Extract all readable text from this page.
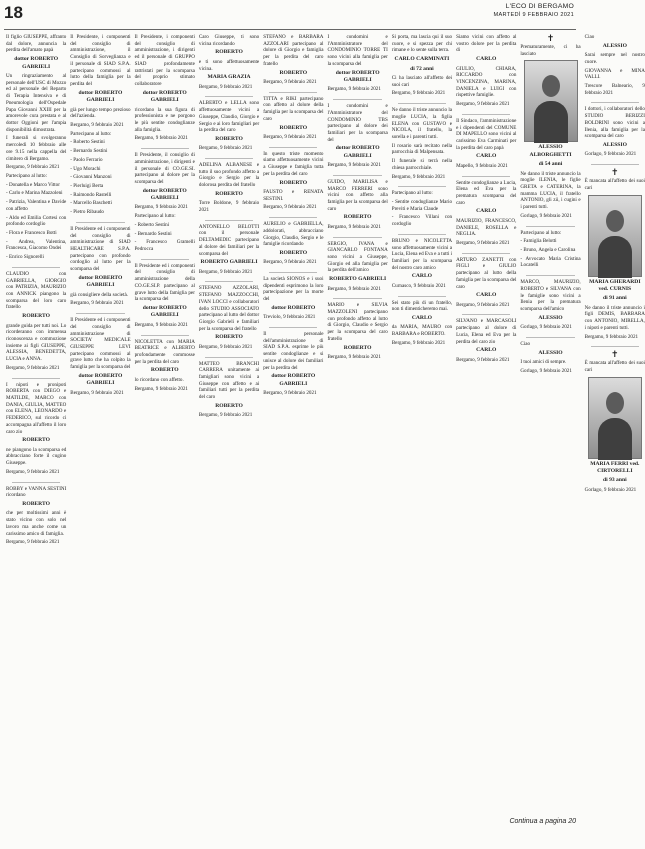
18	L'ECO DI BERGAMO
MARTEDÌ 9 FEBBRAIO 2021

Il figlio GIUSEPPE, affranto dal dolore, annuncia la perdita dell'amato papà

dottor ROBERTO GABRIELI

Un ringraziamento al personale dell'USC di Mozzo ed al personale del Reparto di Terapia Intensiva e di Pneumologia dell'Ospedale Papa Giovanni XXIII per la amorevole cura prestata e al dottor Oggioni per l'ampia disponibilità dimostrata.

I funerali si svolgeranno mercoledì 10 febbraio alle ore 9.15 nella cappella del cimitero di Bergamo.

Bergamo, 9 febbraio 2021

Partecipano al lutto:

- Donatella e Marco Vittor

- Carlo e Marina Mazzoleni

- Patrizia, Valentina e Davide con affetto

- Aldo ed Emilia Cortesi con profondo cordoglio

- Flora e Francesco Botti

- Andrea, Valentina, Francesca, Giacomo Ondei

- Enrico Signorelli

CLAUDIO con GABRIELLA, GIORGIO con PATRIZIA, MAURIZIO con ANNICK piangono la scomparsa del loro caro fratello

ROBERTO

grande guida per tutti noi. Lo ricorderanno con immensa riconoscenza e commozione insieme ai figli GIUSEPPE, ALESSIA, BENEDETTA, LUCIA e ANNA.

Bergamo, 9 febbraio 2021

I nipoti e pronipoti ROBERTA con DIEGO e MATILDE, MARCO con DANIA, GIULIA, MATTEO con ELENA, LEONARDO e FEDERICO, sul ricordo ci accompagna all'affetto il loro caro zio

ROBERTO

ne piangono la scomparsa ed abbracciano forte il cugino Giuseppe.

Bergamo, 9 febbraio 2021

ROBBY e VANNA SESTINI ricordano

ROBERTO

che per moltissimi anni è stato vicino con solo nel lavoro ma anche come un carissimo amico di famiglia.

Bergamo, 9 febbraio 2021

Il Presidente, i componenti del consiglio di amministrazione, il Consiglio di Sorveglianza e il personale di SIAD S.P.A. partecipano commossi al lutto della famiglia per la perdita del

dottor ROBERTO GABRIELI

già per lungo tempo prezioso dell'azienda.

Bergamo, 9 febbraio 2021

Partecipano al lutto:

- Roberto Sestini

- Bernardo Sestini

- Paolo Ferrario

- Ugo Morachi

- Giovanni Manzoni

- Pierluigi Berta

- Raimondo Rastelli

- Marcello Baschetti

- Pietro Ribaudo

Il Presidente ed i componenti del consiglio di amministrazione di SIAD HEALTHCARE S.P.A. partecipano con profondo cordoglio al lutto per la scomparsa del

dottor ROBERTO GABRIELI

già consigliere della società.

Bergamo, 9 febbraio 2021

Il Presidente ed i componenti del consiglio di amministrazione di SOCIETA' MEDICALE GIUSEPPE LEVI partecipano commossi al grave lutto che ha colpito la famiglia per la scomparsa del

dottor ROBERTO GABRIELI

Bergamo, 9 febbraio 2021

Il Presidente, i componenti del consiglio di amministrazione, i dirigenti ed il personale di GRUPPO SIAD profondamente rattristati per la scomparsa del proprio stimato collaboratore

dottor ROBERTO GABRIELI

ricordano la sua figura di professionista e ne porgono le più sentite condoglianze alla famiglia.

Bergamo, 9 febbraio 2021

Il Presidente, il consiglio di amministrazione, i dirigenti e il personale di CO.GE.SI. partecipano al dolore per la scomparsa del

dottor ROBERTO GABRIELI

Bergamo, 9 febbraio 2021

Partecipano al lutto:

- Roberto Sestini

- Bernardo Sestini

- Francesco Gramelli Pedrocca

Il Presidente ed i componenti del consiglio di amministrazione della CO.GE.SI.P. partecipano al grave lutto della famiglia per la scomparsa del

dottor ROBERTO GABRIELI

Bergamo, 9 febbraio 2021

NICOLETTA con MARIA BEATRICE e ALBERTO profondamente commosse per la perdita del caro

ROBERTO

lo ricordano con affetto.

Bergamo, 9 febbraio 2021

Caro Giuseppe, ti sono vicina ricordando

ROBERTO

e ti sono affettuosamente vicina.

MARIA GRAZIA

Bergamo, 9 febbraio 2021

ALBERTO e LELLA sono affettuosamente vicini a Giuseppe, Claudio, Giorgio e Sergio e ai loro famigliari per la perdita del caro

ROBERTO

Bergamo, 9 febbraio 2021

ADELINA ALBANESE e tutto il suo profondo affetto a Giorgio e Sergio per la dolorosa perdita del fratello

ROBERTO

Torre Boldone, 9 febbraio 2021

ANTONELLO BELOTTI con il personale DELTAMEDIC partecipano al dolore dei familiari per la scomparsa del

ROBERTO GABRIELI

Bergamo, 9 febbraio 2021

STEFANO AZZOLARI, STEFANO MAZZOCCHI, IVAN LOCCI e collaboratori dello STUDIO ASSOCIATO partecipano al lutto del dottor Giorgio Gabrieli e familiari per la scomparsa del fratello

ROBERTO

Bergamo, 9 febbraio 2021

MATTEO BRANCHI CARRERA unitamente ai famigliari sono vicini a Giuseppe con affetto e ai familiari tutti per la perdita del caro

ROBERTO

Bergamo, 9 febbraio 2021

STEFANO e BARBARA AZZOLARI partecipano al dolore di Giorgio e famiglia per la perdita del caro fratello

ROBERTO

Bergamo, 9 febbraio 2021

TITTA e RIKI partecipano con affetto al dolore della famiglia per la scomparsa del caro

ROBERTO

Bergamo, 9 febbraio 2021

In questo triste momento siamo affettuosamente vicini a Giuseppe e famiglia tutta per la perdita del caro

ROBERTO

FAUSTO e RENATA SESTINI.

Bergamo, 9 febbraio 2021

AURELIO e GABRIELLA, addolorati, abbracciano Giorgio, Claudio, Sergio e le famiglie ricordando

ROBERTO

Bergamo, 9 febbraio 2021

La società SIONOS e i suoi dipendenti esprimono la loro partecipazione per la morte del

dottor ROBERTO

Treviolo, 9 febbraio 2021

Il personale dell'amministrazione di SIAD S.P.A. esprime le più sentite condoglianze e si unisce al dolore dei familiari per la perdita del

dottor ROBERTO GABRIELI

Bergamo, 9 febbraio 2021

I condomini e l'Amministratore del CONDOMINIO TORRE TI sono vicini alla famiglia per la scomparsa del

dottor ROBERTO GABRIELI

Bergamo, 9 febbraio 2021

I condomini e l'Amministratore del CONDOMINIO TBS partecipano al dolore dei familiari per la scomparsa del

dottor ROBERTO GABRIELI

Bergamo, 9 febbraio 2021

GUIDO, MARILISA e MARCO FERRERI sono vicini con affetto alla famiglia per la scomparsa del caro

ROBERTO

Bergamo, 9 febbraio 2021

SERGIO, IVANA e GIANCARLO FONTANA sono vicini a Giuseppe, Giorgio ed alla famiglia per la perdita dell'amico

ROBERTO GABRIELI

Bergamo, 9 febbraio 2021

MARIO e SILVIA MAZZOLENI partecipano con profondo affetto al lutto di Giorgio, Claudio e Sergio per la scomparsa del caro fratello

ROBERTO

Bergamo, 9 febbraio 2021

Si porta, ma lascia qui il suo cuore, e si spezza per chi rimane e lo sente sulla terra.

CARLO CARMINATI
di 72 anni

Ci ha lasciato all'affetto dei suoi cari

Bergamo, 9 febbraio 2021

Ne danno il triste annuncio la moglie LUCIA, la figlia ELENA con GUSTAVO e NICOLA, il fratello, la sorella e i parenti tutti.

Il rosario sarà recitato nella parrocchia di Malpensata.

Il funerale si terrà nella chiesa parrocchiale.

Bergamo, 9 febbraio 2021

Partecipano al lutto:

- Sentite condoglianze Mario Previti e Maria Claude

- Francesco Villani con cordoglio

BRUNO e NICOLETTA sono affettuosamente vicini a Lucia, Elena ed Eva e a tutti i familiari per la scomparsa del nostro caro amico

CARLO

Curnasco, 9 febbraio 2021

Sei stato più di un fratello, non ti dimenticheremo mai.

CARLO

da MARIA, MAURO con BARBARA e ROBERTO.

Bergamo, 9 febbraio 2021

Siamo vicini con affetto al vostro dolore per la perdita di

CARLO

GIULIO, CHIARA, RICCARDO con VINCENZINA, MARINA, DANIELA e LUIGI con rispettive famiglie.

Bergamo, 9 febbraio 2021

Il Sindaco, l'amministrazione e i dipendenti del COMUNE DI MAPELLO sono vicini al carissimo Eva Carminati per la perdita del caro papà

CARLO

Mapello, 9 febbraio 2021

Sentite condoglianze a Lucia, Elena ed Eva per la prematura scomparsa del caro

CARLO

MAURIZIO, FRANCESCO, DANIELE, ROSELLA e NEGLIA.

Bergamo, 9 febbraio 2021

ARTURO ZANETTI con FIGLI e GIULIO partecipano al lutto della famiglia per la scomparsa del caro

CARLO

Bergamo, 9 febbraio 2021

SILVANO e MARCASOLI partecipano al dolore di Lucia, Elena ed Eva per la perdita del caro zio

CARLO

Bergamo, 9 febbraio 2021

✝

Prematuramente, ci ha lasciato

ALESSIO ALBORGHETTI
di 54 anni

Ne danno il triste annuncio la moglie ILENIA, le figlie GRETA e CATERINA, la mamma LUCIA, il fratello ANTONIO, gli zii, i cugini e i parenti tutti.

Gorlago, 9 febbraio 2021

Partecipano al lutto:

- Famiglia Belotti

- Bruno, Angela e Carolina

- Avvocato Maria Cristina Locatelli

MARCO, MAURIZIO, ROBERTO e SILVANA con le famiglie sono vicini a Ilenia per la prematura scomparsa dell'amico

ALESSIO

Gorlago, 9 febbraio 2021

Ciao

ALESSIO

I tuoi amici di sempre.

Gorlago, 9 febbraio 2021

Ciao

ALESSIO

Sarai sempre nel nostro cuore.

GIOVANNA e MINA VALLI.

Trescore Balneario, 9 febbraio 2021

I dottori, i collaboratori dello STUDIO BERIZZI BOLDRINI sono vicini a Ilenia, alla famiglia per la scomparsa del caro

ALESSIO

Gorlago, 9 febbraio 2021

✝

È mancata all'affetto dei suoi cari

MARIA GHERARDI ved. CURNIS
di 91 anni

Ne danno il triste annuncio i figli DEMIS, BARBARA con ANTONIO, MIRELLA, i nipoti e parenti tutti.

Bergamo, 9 febbraio 2021

✝

È mancata all'affetto dei suoi cari

MARIA FERRI ved. CIRTORELLI
di 93 anni

Gorlago, 9 febbraio 2021

Continua a pagina 20
